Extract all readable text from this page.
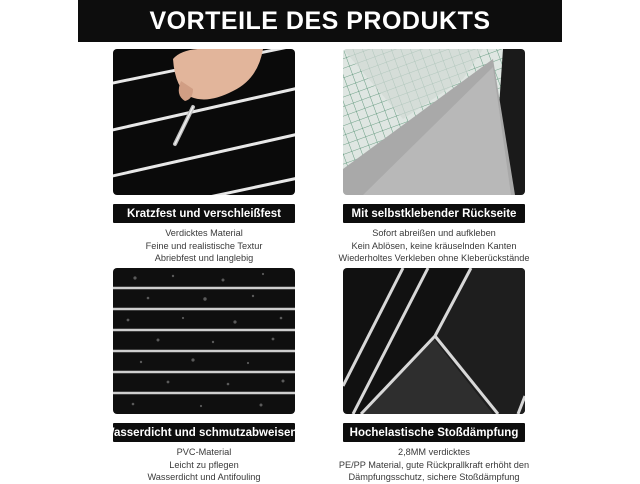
VORTEILE DES PRODUKTS
Kratzfest und verschleißfest
Verdicktes Material
Feine und realistische Textur
Abriebfest und langlebig
Mit selbstklebender Rückseite
Sofort abreißen und aufkleben
Kein Ablösen, keine kräuselnden Kanten
Wiederholtes Verkleben ohne Kleberückstände
Wasserdicht und schmutzabweisend
PVC-Material
Leicht zu pflegen
Wasserdicht und Antifouling
Hochelastische Stoßdämpfung
2,8MM verdicktes
PE/PP Material, gute Rückprallkraft erhöht den
Dämpfungsschutz, sichere Stoßdämpfung
